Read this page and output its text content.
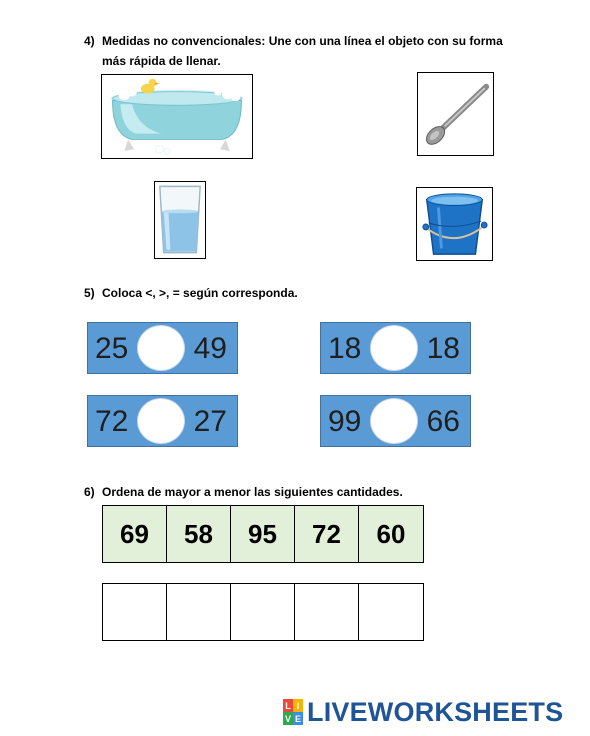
4) Medidas no convencionales: Une con una línea el objeto con su forma
más rápida de llenar.
5) Coloca <, >, = según corresponda.
25 49	18 18
72 27	99 66
6) Ordena de mayor a menor las siguientes cantidades.
69	58	95	72	60
L I
V E LIVEWORKSHEETS
